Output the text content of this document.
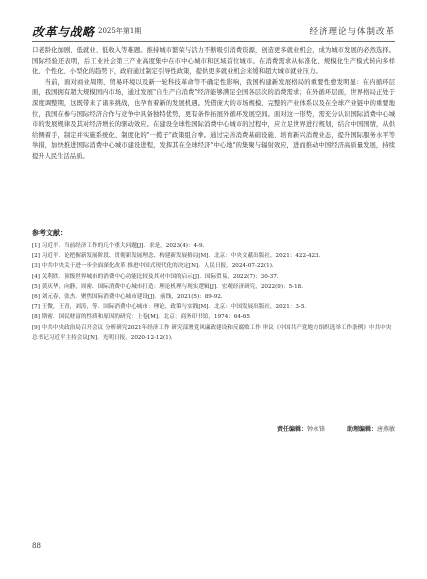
改革与战略 2025年第1期	经济理论与体制改革

口老龄化加剧、低就业、低收入等难题。推持城市繁荣与活力不断吸引消费资源，创造更多就业机会，成为城市发展的必然选择。国际经验还表明，后工业社会第三产业高度集中在市中心城市和区域首位城市。在消费需求从标准化、规模化生产模式转向多样化、个性化、小型化的趋势下，政府通过制定引导性政策，提供更多就业机会来缓和超大城市就业压力。

当前，面对商业周期、贸易环境以及新一轮科技革命等不确定性影响，我国构建新发展格局的重要性愈发明显：在内循环层面，我国拥有超大规模国内市场，通过发展"自生产自消费"经济能够满足全国各层次的消费需求；在外循环层面，世界格局正处于深度调整期，这既带来了诸多挑战，也孕育着新的发展机遇。凭借庞大的市场规模、完整的产业体系以及在全球产业链中的重要地位，我国在参与国际经济合作与竞争中具备独特优势，更有条件拓展外循环发展空间。面对这一形势，需充分认识国际消费中心城市的发展规律及其对经济增长的驱动效应。在建设全球性国际消费中心城市的过程中，应立足世界进行规划，结合中国国情，从供给侧着手，制定并实施系统化、制度化的"一揽子"政策组合拳。通过完善消费基础设施、培育新兴消费业态，提升国际服务水平等举措，加快推进国际消费中心城市建设进程，发挥其在全球经济"中心地"的集聚与辐射效应，进而推动中国经济高质量发展，持续提升人民生活品质。

参考文献：

[1] 习近平．当前经济工作的几个重大问题[J]．求是，2023(4)：4-9.

[2] 习近平．论把握新发展阶段、贯彻新发展理念、构建新发展格局[M]．北京：中央文献出版社，2021：422-423.

[3] 中共中央关于进一步全面深化改革 推进中国式现代化的决定[N]．人民日报，2024-07-22(1).

[4] 关利欣．顶级世界城市的消费中心功能比较及其对中国的启示[J]．国际贸易，2022(7)：30-37.

[5] 黄庆华，向静，周密．国际消费中心城市打造：理论机理与现实逻辑[J]．宏观经济研究，2022(9)：5-18.

[6] 刘元春，张杰．聚焦国际消费中心城市建设[J]．前线，2021(5)：89-92.

[7] 王微，王青，刘涛，等．国际消费中心城市：理论、政策与实践[M]．北京：中国发展出版社，2021：3-5.

[8] 斯密．国民财富的性质和原因的研究：上卷[M]．北京：商务印书馆，1974：64-65

[9] 中共中央政治局召开会议 分析研究2021年经济工作 研究部署党风廉政建设和反腐败工作 审议《中国共产党地方组织选举工作条例》中共中央总书记习近平主持会议[N]．光明日报，2020-12-12(1).

责任编辑：钟永锋	助理编辑：唐燕敏
88
